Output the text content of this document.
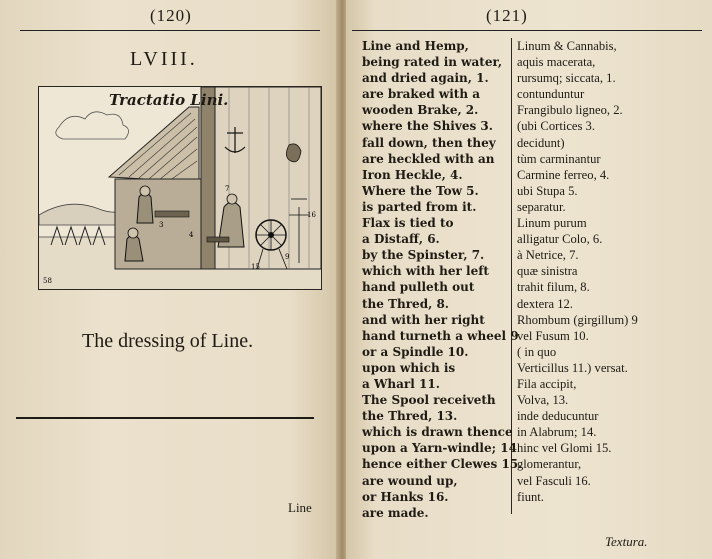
(120)
LVIII.
16
9
7
15
3
4
58
Tractatio Lini.
The dressing of Line.
Line
(121)
Line and Hemp,
being rated in water,
and dried again, 1.
are braked with a
wooden Brake, 2.
where the Shives 3.
fall down, then they
are heckled with an
Iron Heckle, 4.
Where the Tow 5.
is parted from it.
Flax is tied to
a Distaff, 6.
by the Spinster, 7.
which with her left
hand pulleth out
the Thred, 8.
and with her right
hand turneth a wheel 9
or a Spindle 10.
upon which is
a Wharl 11.
The Spool receiveth
the Thred, 13.
which is drawn thence
upon a Yarn-windle; 14
hence either Clewes 15.
are wound up,
or Hanks 16.
are made.
Linum & Cannabis,
aquis macerata,
rursumq; siccata, 1.
contunduntur
Frangibulo ligneo, 2.
(ubi Cortices 3.
decidunt)
tùm carminantur
Carmine ferreo, 4.
ubi Stupa 5.
separatur.
Linum purum
alligatur Colo, 6.
à Netrice, 7.
quæ sinistra
trahit filum, 8.
dextera 12.
Rhombum (girgillum) 9
vel Fusum 10.
( in quo
Verticillus 11.) versat.
Fila accipit,
Volva, 13.
inde deducuntur
in Alabrum; 14.
hinc vel Glomi 15.
glomerantur,
vel Fasculi 16.
fiunt.
Textura.
